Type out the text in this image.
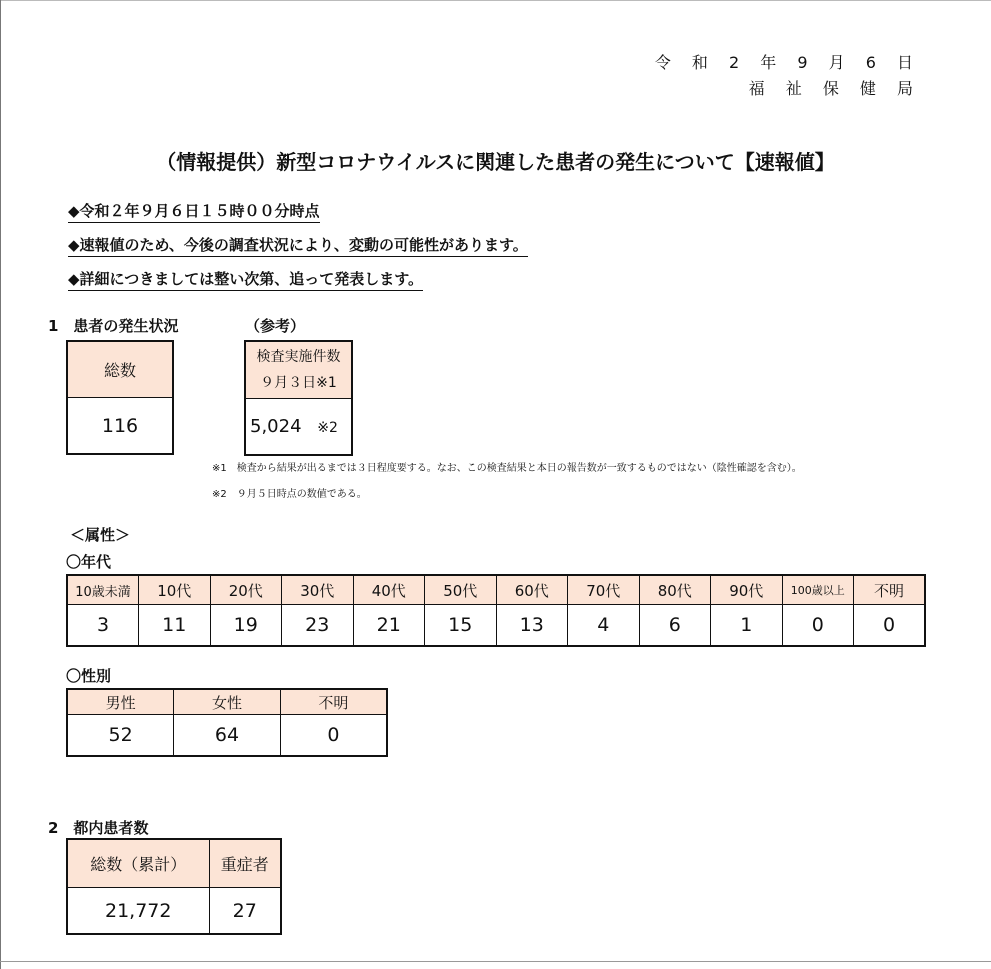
令 和 2 年 9 月 6 日
福 祉 保 健 局
（情報提供）新型コロナウイルスに関連した患者の発生について【速報値】
◆令和２年９月６日１５時００分時点
◆速報値のため、今後の調査状況により、変動の可能性があります。
◆詳細につきましては整い次第、追って発表します。
1　患者の発生状況	（参考）
総数
116
検査実施件数
９月３日※1

5,024 ※2
※1　検査から結果が出るまでは３日程度要する。なお、この検査結果と本日の報告数が一致するものではない（陰性確認を含む）。
※2　９月５日時点の数値である。
＜属性＞
〇年代
10歳未満	10代	20代	30代	40代	50代	60代	70代	80代	90代	100歳以上	不明
3	11	19	23	21	15	13	4	6	1	0	0
〇性別
男性	女性	不明
52	64	0
2　都内患者数
総数（累計）	重症者
21,772	27
